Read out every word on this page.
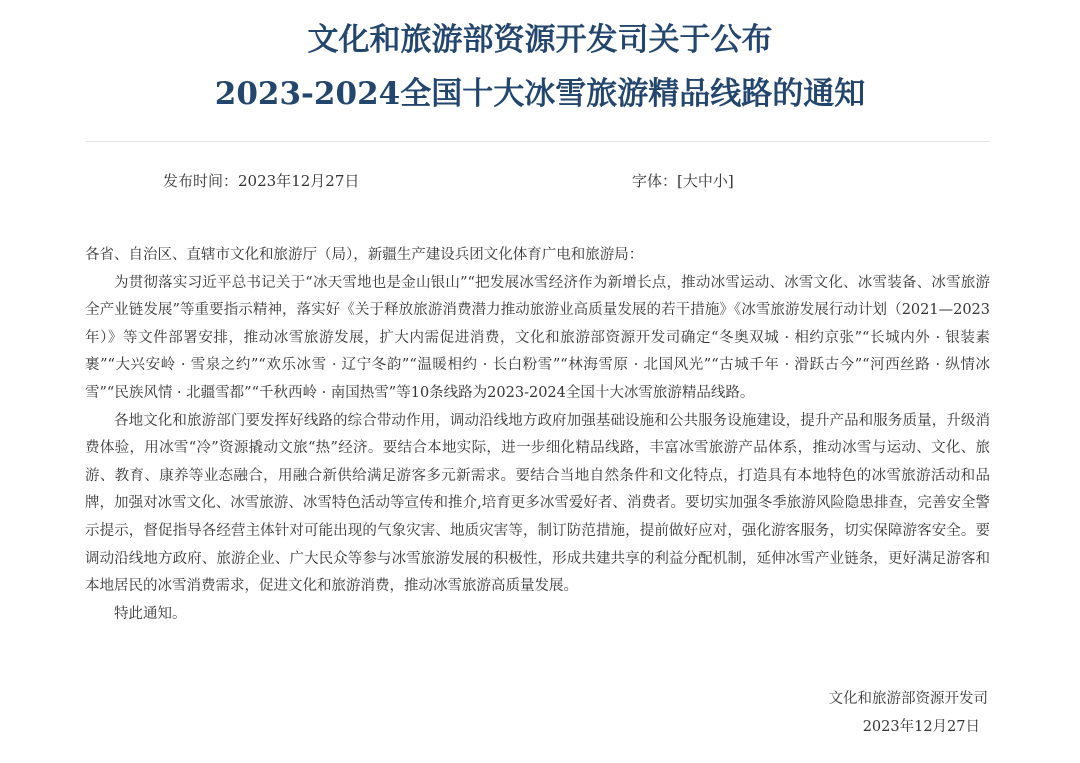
文化和旅游部资源开发司关于公布
2023-2024全国十大冰雪旅游精品线路的通知
发布时间：2023年12月27日	字体：[大中小]

各省、自治区、直辖市文化和旅游厅（局），新疆生产建设兵团文化体育广电和旅游局：

为贯彻落实习近平总书记关于“冰天雪地也是金山银山”“把发展冰雪经济作为新增长点，推动冰雪运动、冰雪文化、冰雪装备、冰雪旅游全产业链发展”等重要指示精神，落实好《关于释放旅游消费潜力推动旅游业高质量发展的若干措施》《冰雪旅游发展行动计划（2021—2023年）》等文件部署安排，推动冰雪旅游发展，扩大内需促进消费，文化和旅游部资源开发司确定“冬奥双城 · 相约京张”“长城内外 · 银装素裹”“大兴安岭 · 雪泉之约”“欢乐冰雪 · 辽宁冬韵”“温暖相约 · 长白粉雪”“林海雪原 · 北国风光”“古城千年 · 滑跃古今”“河西丝路 · 纵情冰雪”“民族风情 · 北疆雪都”“千秋西岭 · 南国热雪”等10条线路为2023-2024全国十大冰雪旅游精品线路。

各地文化和旅游部门要发挥好线路的综合带动作用，调动沿线地方政府加强基础设施和公共服务设施建设，提升产品和服务质量，升级消费体验，用冰雪“冷”资源撬动文旅“热”经济。要结合本地实际，进一步细化精品线路，丰富冰雪旅游产品体系，推动冰雪与运动、文化、旅游、教育、康养等业态融合，用融合新供给满足游客多元新需求。要结合当地自然条件和文化特点，打造具有本地特色的冰雪旅游活动和品牌，加强对冰雪文化、冰雪旅游、冰雪特色活动等宣传和推介,培育更多冰雪爱好者、消费者。要切实加强冬季旅游风险隐患排查，完善安全警示提示，督促指导各经营主体针对可能出现的气象灾害、地质灾害等，制订防范措施，提前做好应对，强化游客服务，切实保障游客安全。要调动沿线地方政府、旅游企业、广大民众等参与冰雪旅游发展的积极性，形成共建共享的利益分配机制，延伸冰雪产业链条，更好满足游客和本地居民的冰雪消费需求，促进文化和旅游消费，推动冰雪旅游高质量发展。

特此通知。

文化和旅游部资源开发司
2023年12月27日
